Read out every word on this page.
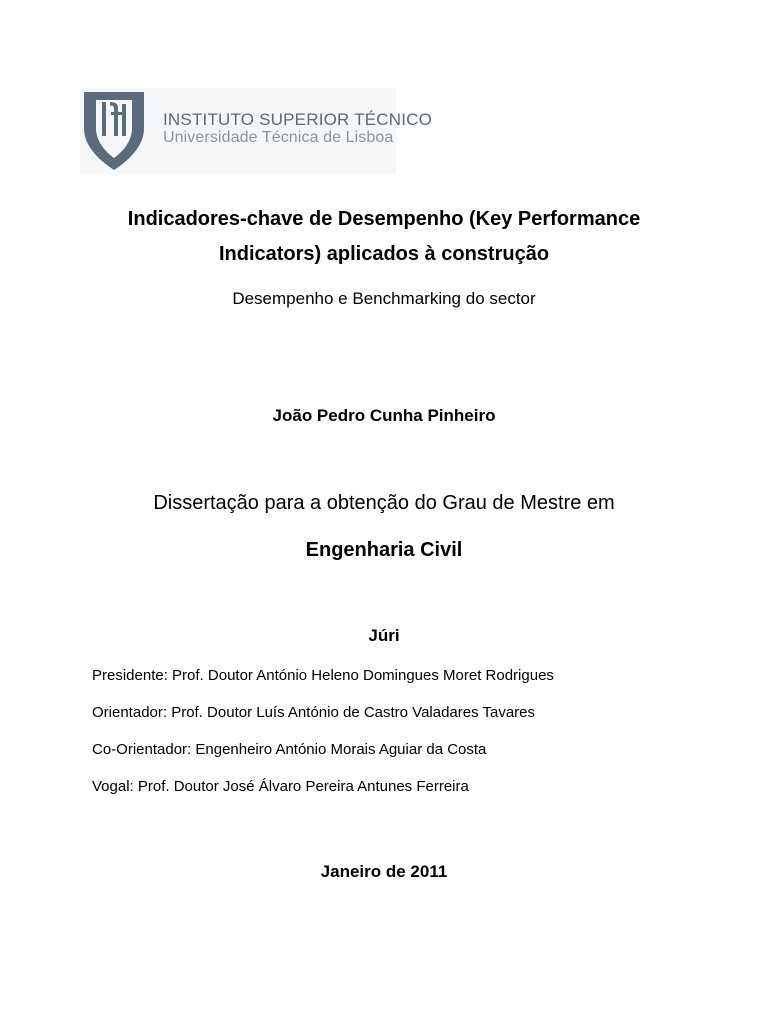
INSTITUTO SUPERIOR TÉCNICO
Universidade Técnica de Lisboa
Indicadores-chave de Desempenho (Key Performance
Indicators) aplicados à construção
Desempenho e Benchmarking do sector
João Pedro Cunha Pinheiro
Dissertação para a obtenção do Grau de Mestre em
Engenharia Civil
Júri
Presidente: Prof. Doutor António Heleno Domingues Moret Rodrigues
Orientador: Prof. Doutor Luís António de Castro Valadares Tavares
Co-Orientador: Engenheiro António Morais Aguiar da Costa
Vogal: Prof. Doutor José Álvaro Pereira Antunes Ferreira
Janeiro de 2011
